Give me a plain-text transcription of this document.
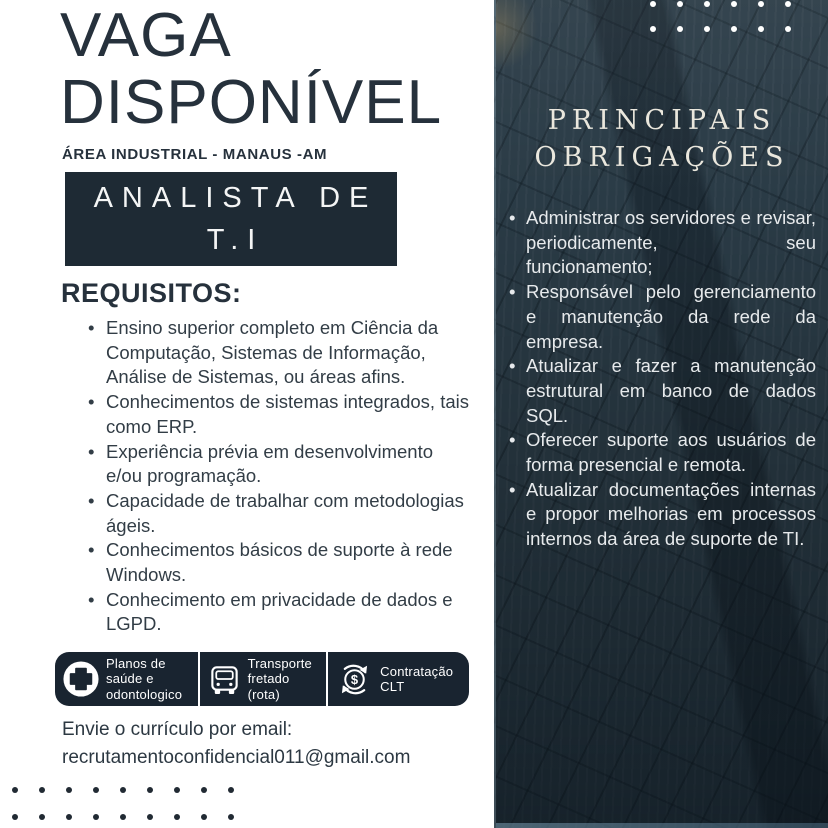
VAGA
DISPONÍVEL
ÁREA INDUSTRIAL - MANAUS -AM
ANALISTA DE
T.I
REQUISITOS:
• Ensino superior completo em Ciência da Computação, Sistemas de Informação, Análise de Sistemas, ou áreas afins.
• Conhecimentos de sistemas integrados, tais como ERP.
• Experiência prévia em desenvolvimento e/ou programação.
• Capacidade de trabalhar com metodologias ágeis.
• Conhecimentos básicos de suporte à rede Windows.
• Conhecimento em privacidade de dados e LGPD.
Planos de
saúde e
odontologico
Transporte
fretado (rota)
$
Contratação
CLT
Envie o currículo por email:
recrutamentoconfidencial011@gmail.com
PRINCIPAIS
OBRIGAÇÕES
• Administrar os servidores e revisar, periodicamente, seu funcionamento;
• Responsável pelo gerenciamento e manutenção da rede da empresa.
• Atualizar e fazer a manutenção estrutural em banco de dados SQL.
• Oferecer suporte aos usuários de forma presencial e remota.
• Atualizar documentações internas e propor melhorias em processos internos da área de suporte de TI.
